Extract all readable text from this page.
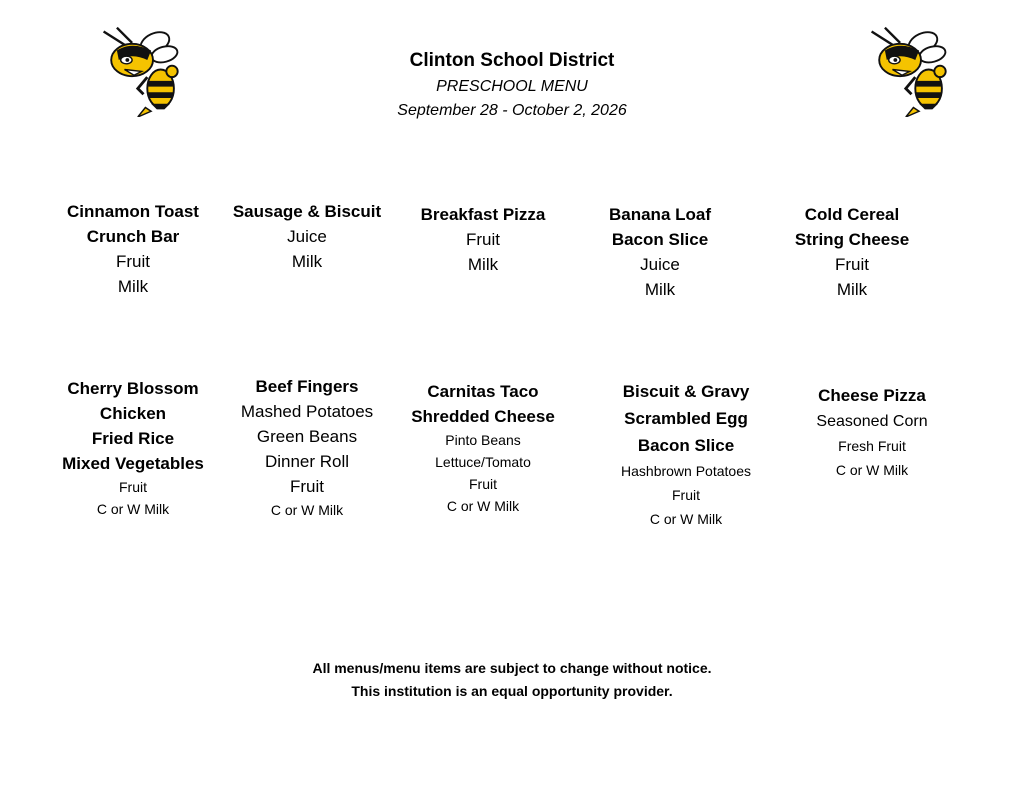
Clinton School District
PRESCHOOL MENU
September 28 - October 2, 2026
Cinnamon Toast
Crunch Bar
Fruit
Milk
Sausage & Biscuit
Juice
Milk
Breakfast Pizza
Fruit
Milk
Banana Loaf
Bacon Slice
Juice
Milk
Cold Cereal
String Cheese
Fruit
Milk
Cherry Blossom
Chicken
Fried Rice
Mixed Vegetables
Fruit
C or W Milk
Beef Fingers
Mashed Potatoes
Green Beans
Dinner Roll
Fruit
C or W Milk
Carnitas Taco
Shredded Cheese
Pinto Beans
Lettuce/Tomato
Fruit
C or W Milk
Biscuit & Gravy
Scrambled Egg
Bacon Slice
Hashbrown Potatoes
Fruit
C or W Milk
Cheese Pizza
Seasoned Corn
Fresh Fruit
C or W Milk
All menus/menu items are subject to change without notice.
This institution is an equal opportunity provider.
